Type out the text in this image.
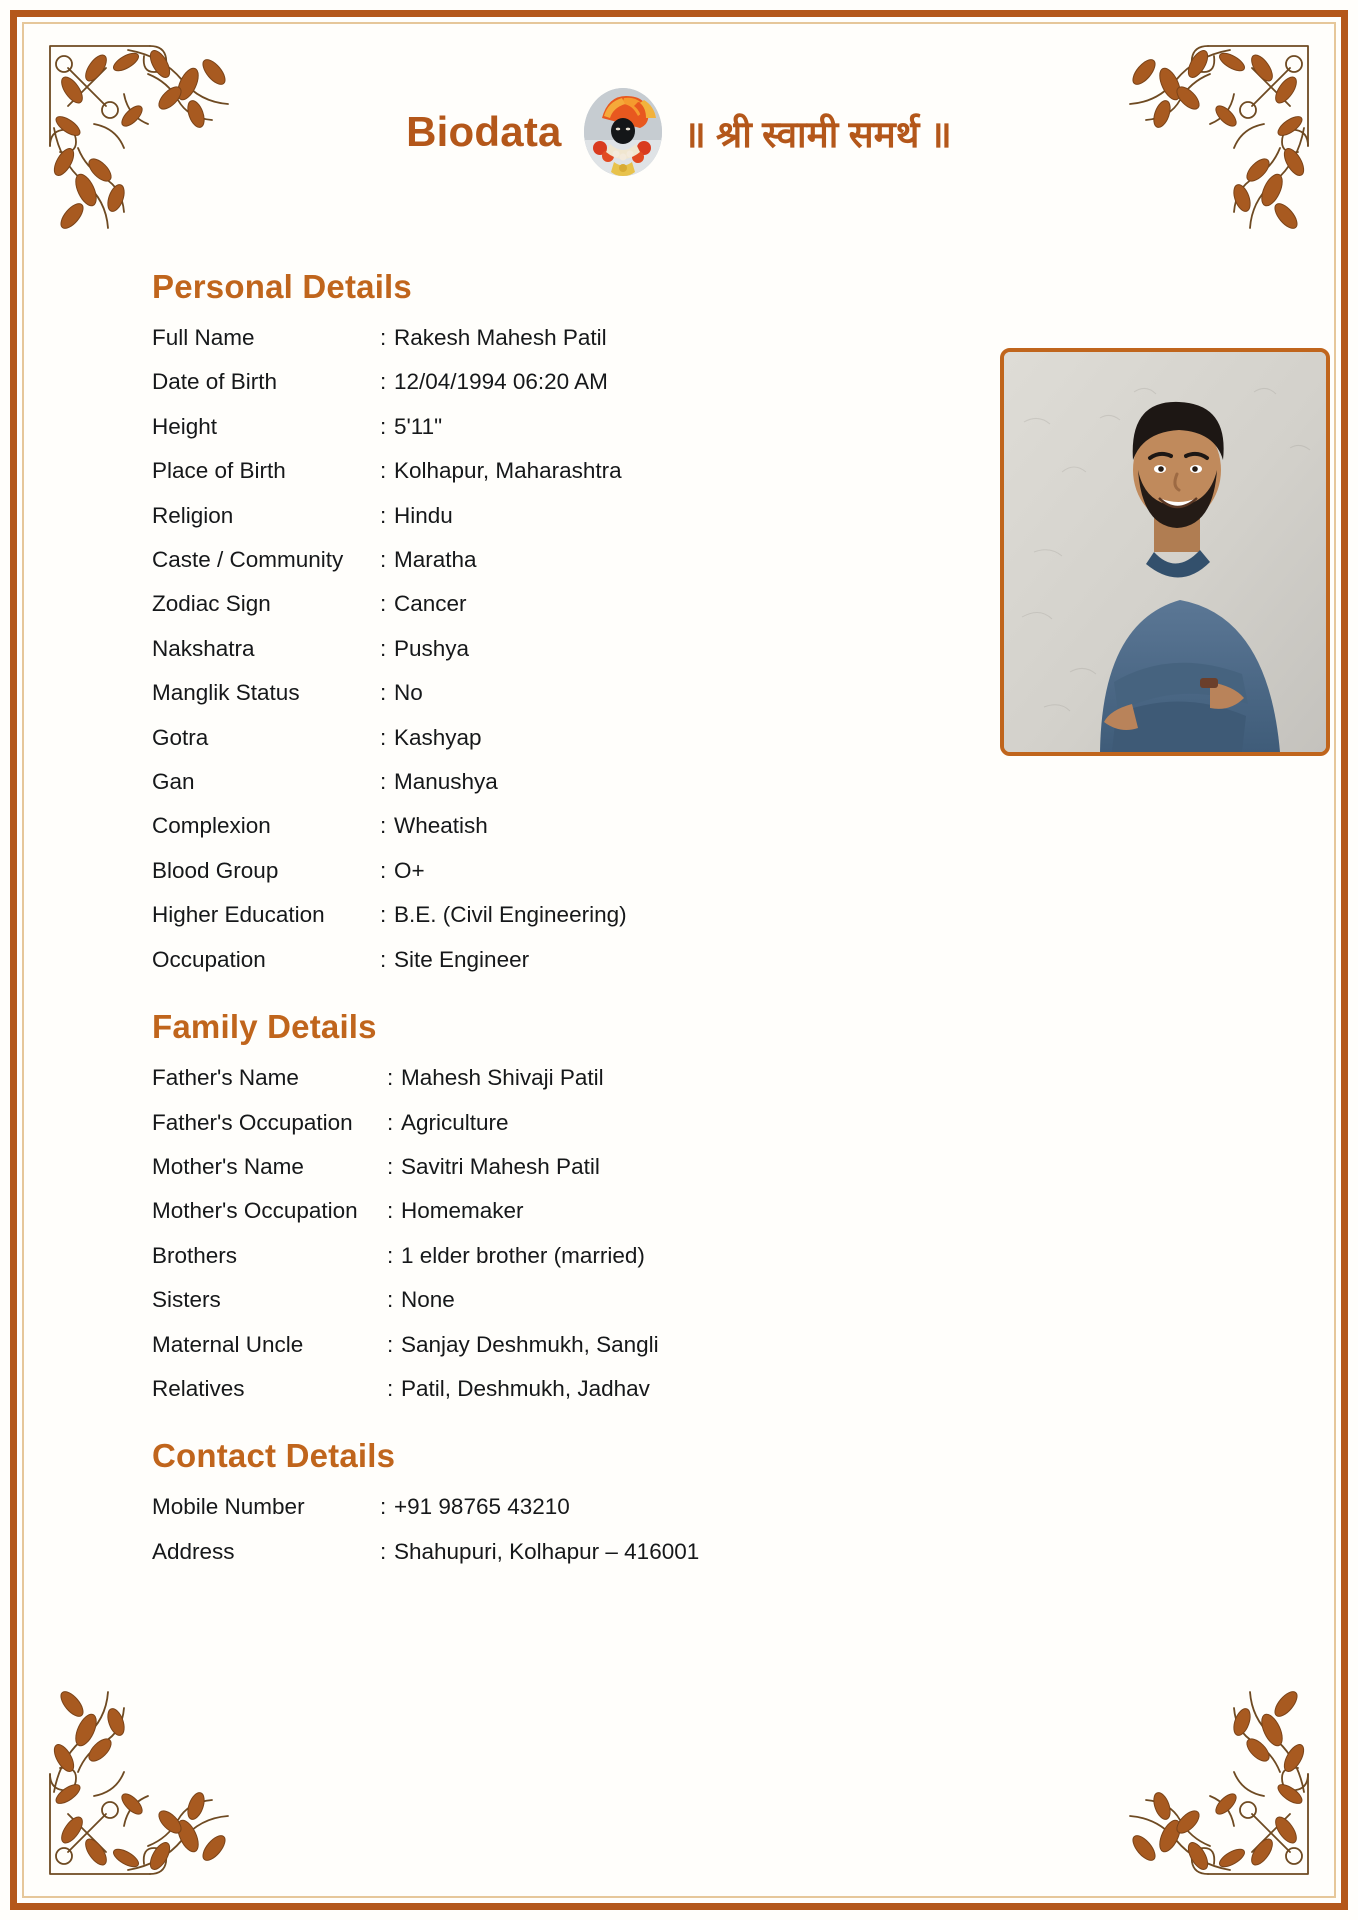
Biodata	॥ श्री स्वामी समर्थ ॥
Personal Details
Full Name	: Rakesh Mahesh Patil
Date of Birth	: 12/04/1994 06:20 AM
Height	: 5'11"
Place of Birth	: Kolhapur, Maharashtra
Religion	: Hindu
Caste / Community	: Maratha
Zodiac Sign	: Cancer
Nakshatra	: Pushya
Manglik Status	: No
Gotra	: Kashyap
Gan	: Manushya
Complexion	: Wheatish
Blood Group	: O+
Higher Education	: B.E. (Civil Engineering)
Occupation	: Site Engineer
Family Details
Father's Name	: Mahesh Shivaji Patil
Father's Occupation	: Agriculture
Mother's Name	: Savitri Mahesh Patil
Mother's Occupation	: Homemaker
Brothers	: 1 elder brother (married)
Sisters	: None
Maternal Uncle	: Sanjay Deshmukh, Sangli
Relatives	: Patil, Deshmukh, Jadhav
Contact Details
Mobile Number	: +91 98765 43210
Address	: Shahupuri, Kolhapur – 416001
